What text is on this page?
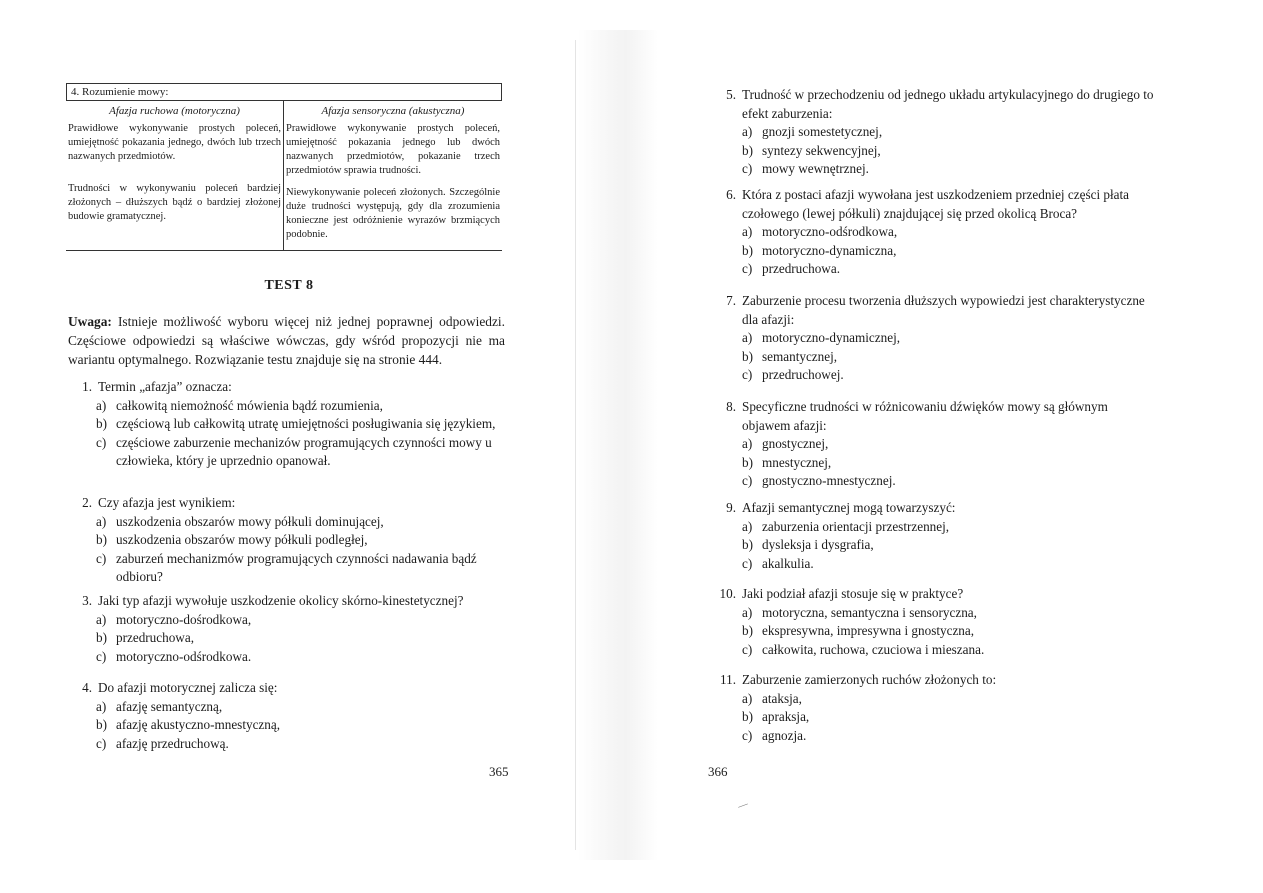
4. Rozumienie mowy:
Afazja ruchowa (motoryczna)
Prawidłowe wykonywanie prostych poleceń, umiejętność pokazania jednego, dwóch lub trzech nazwanych przedmiotów.
Trudności w wykonywaniu poleceń bardziej złożonych – dłuższych bądź o bardziej złożonej budowie gramatycznej.
Afazja sensoryczna (akustyczna)
Prawidłowe wykonywanie prostych poleceń, umiejętność pokazania jednego lub dwóch nazwanych przedmiotów, pokazanie trzech przedmiotów sprawia trudności.
Niewykonywanie poleceń złożonych. Szczególnie duże trudności występują, gdy dla zrozumienia konieczne jest odróżnienie wyrazów brzmiących podobnie.
TEST 8
Uwaga: Istnieje możliwość wyboru więcej niż jednej poprawnej odpowiedzi. Częściowe odpowiedzi są właściwe wówczas, gdy wśród propozycji nie ma wariantu optymalnego. Rozwiązanie testu znajduje się na stronie 444.
1. Termin „afazja” oznacza:
a) całkowitą niemożność mówienia bądź rozumienia,
b) częściową lub całkowitą utratę umiejętności posługiwania się językiem,
c) częściowe zaburzenie mechanizów programujących czynności mowy u człowieka, który je uprzednio opanował.
2. Czy afazja jest wynikiem:
a) uszkodzenia obszarów mowy półkuli dominującej,
b) uszkodzenia obszarów mowy półkuli podległej,
c) zaburzeń mechanizmów programujących czynności nadawania bądź odbioru?
3. Jaki typ afazji wywołuje uszkodzenie okolicy skórno-kinestetycznej?
a) motoryczno-dośrodkowa,
b) przedruchowa,
c) motoryczno-odśrodkowa.
4. Do afazji motorycznej zalicza się:
a) afazję semantyczną,
b) afazję akustyczno-mnestyczną,
c) afazję przedruchową.
365
5. Trudność w przechodzeniu od jednego układu artykulacyjnego do drugiego to efekt zaburzenia:
a) gnozji somestetycznej,
b) syntezy sekwencyjnej,
c) mowy wewnętrznej.
6. Która z postaci afazji wywołana jest uszkodzeniem przedniej części płata czołowego (lewej półkuli) znajdującej się przed okolicą Broca?
a) motoryczno-odśrodkowa,
b) motoryczno-dynamiczna,
c) przedruchowa.
7. Zaburzenie procesu tworzenia dłuższych wypowiedzi jest charakterystyczne dla afazji:
a) motoryczno-dynamicznej,
b) semantycznej,
c) przedruchowej.
8. Specyficzne trudności w różnicowaniu dźwięków mowy są głównym objawem afazji:
a) gnostycznej,
b) mnestycznej,
c) gnostyczno-mnestycznej.
9. Afazji semantycznej mogą towarzyszyć:
a) zaburzenia orientacji przestrzennej,
b) dysleksja i dysgrafia,
c) akalkulia.
10. Jaki podział afazji stosuje się w praktyce?
a) motoryczna, semantyczna i sensoryczna,
b) ekspresywna, impresywna i gnostyczna,
c) całkowita, ruchowa, czuciowa i mieszana.
11. Zaburzenie zamierzonych ruchów złożonych to:
a) ataksja,
b) apraksja,
c) agnozja.
366
—
